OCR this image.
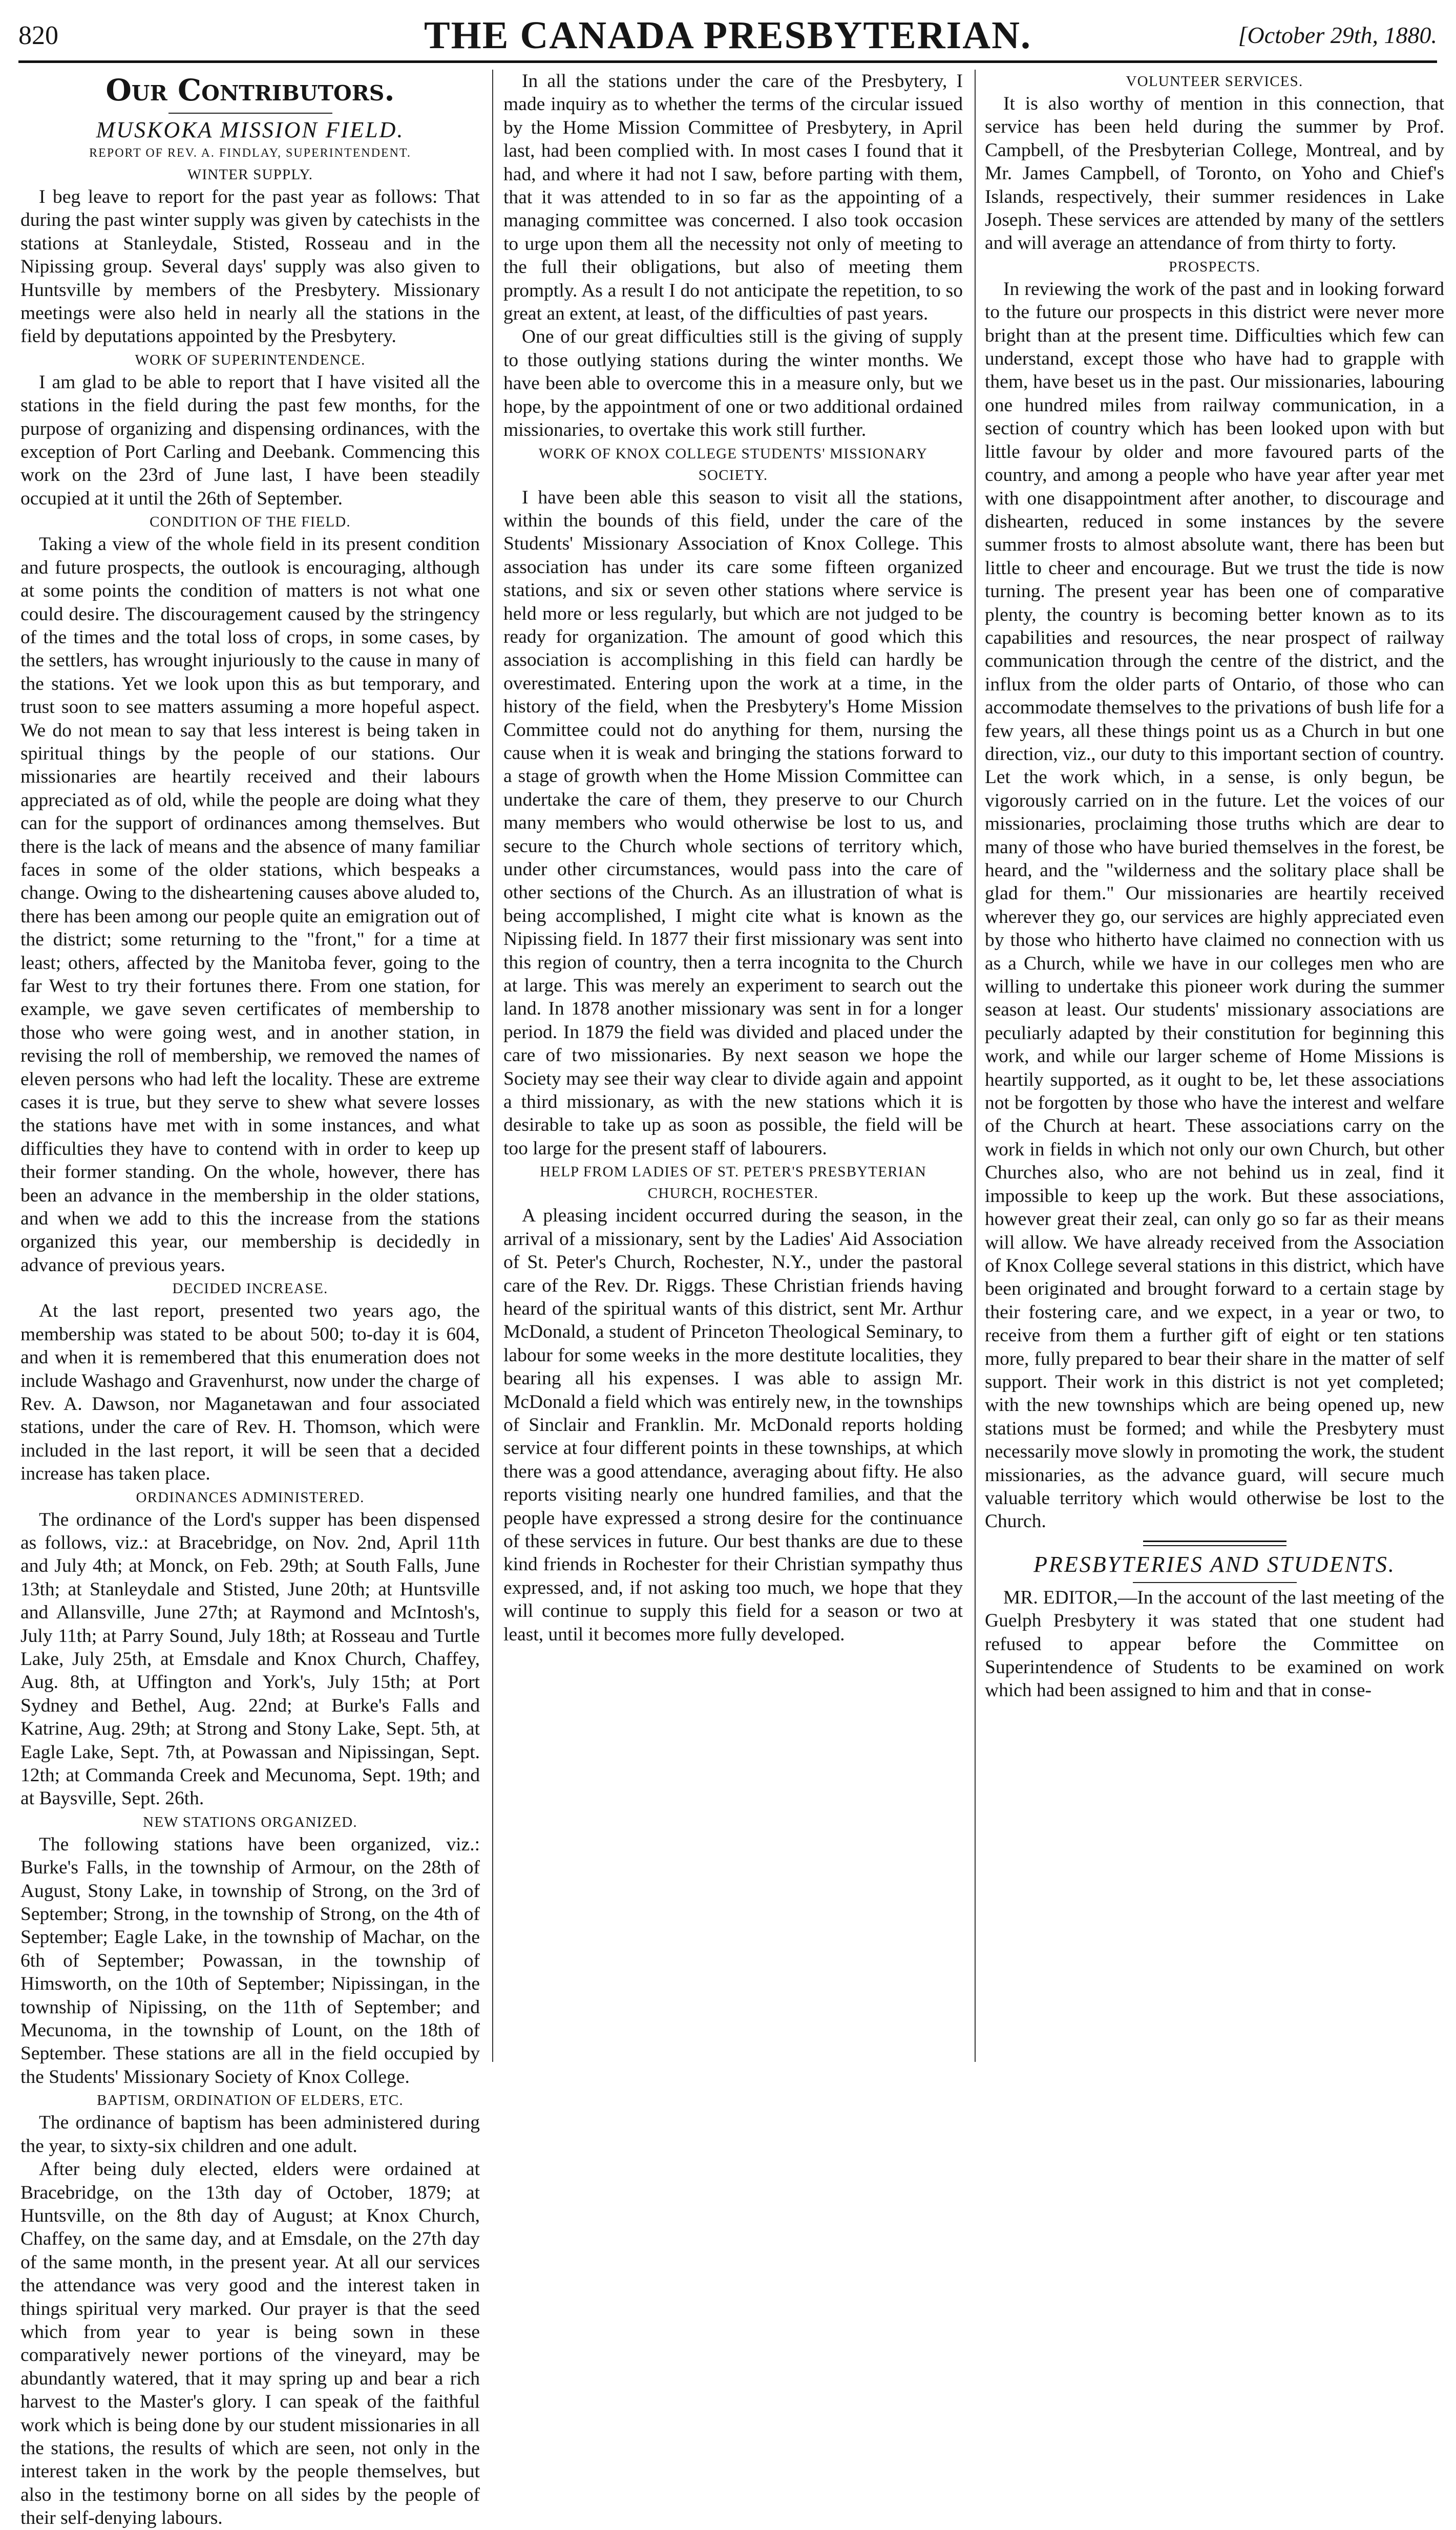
820	THE CANADA PRESBYTERIAN.	[October 29th, 1880.
Our Contributors.
MUSKOKA MISSION FIELD.
REPORT OF REV. A. FINDLAY, SUPERINTENDENT.
WINTER SUPPLY.

I beg leave to report for the past year as follows: That during the past winter supply was given by catechists in the stations at Stanleydale, Stisted, Rosseau and in the Nipissing group. Several days' supply was also given to Huntsville by members of the Presbytery. Missionary meetings were also held in nearly all the stations in the field by deputations appointed by the Presbytery.

WORK OF SUPERINTENDENCE.

I am glad to be able to report that I have visited all the stations in the field during the past few months, for the purpose of organizing and dispensing ordinances, with the exception of Port Carling and Deebank. Commencing this work on the 23rd of June last, I have been steadily occupied at it until the 26th of September.

CONDITION OF THE FIELD.

Taking a view of the whole field in its present condition and future prospects, the outlook is encouraging, although at some points the condition of matters is not what one could desire. The discouragement caused by the stringency of the times and the total loss of crops, in some cases, by the settlers, has wrought injuriously to the cause in many of the stations. Yet we look upon this as but temporary, and trust soon to see matters assuming a more hopeful aspect. We do not mean to say that less interest is being taken in spiritual things by the people of our stations. Our missionaries are heartily received and their labours appreciated as of old, while the people are doing what they can for the support of ordinances among themselves. But there is the lack of means and the absence of many familiar faces in some of the older stations, which bespeaks a change. Owing to the disheartening causes above aluded to, there has been among our people quite an emigration out of the district; some returning to the "front," for a time at least; others, affected by the Manitoba fever, going to the far West to try their fortunes there. From one station, for example, we gave seven certificates of membership to those who were going west, and in another station, in revising the roll of membership, we removed the names of eleven persons who had left the locality. These are extreme cases it is true, but they serve to shew what severe losses the stations have met with in some instances, and what difficulties they have to contend with in order to keep up their former standing. On the whole, however, there has been an advance in the membership in the older stations, and when we add to this the increase from the stations organized this year, our membership is decidedly in advance of previous years.

DECIDED INCREASE.

At the last report, presented two years ago, the membership was stated to be about 500; to-day it is 604, and when it is remembered that this enumeration does not include Washago and Gravenhurst, now under the charge of Rev. A. Dawson, nor Maganetawan and four associated stations, under the care of Rev. H. Thomson, which were included in the last report, it will be seen that a decided increase has taken place.

ORDINANCES ADMINISTERED.

The ordinance of the Lord's supper has been dispensed as follows, viz.: at Bracebridge, on Nov. 2nd, April 11th and July 4th; at Monck, on Feb. 29th; at South Falls, June 13th; at Stanleydale and Stisted, June 20th; at Huntsville and Allansville, June 27th; at Raymond and McIntosh's, July 11th; at Parry Sound, July 18th; at Rosseau and Turtle Lake, July 25th, at Emsdale and Knox Church, Chaffey, Aug. 8th, at Uffington and York's, July 15th; at Port Sydney and Bethel, Aug. 22nd; at Burke's Falls and Katrine, Aug. 29th; at Strong and Stony Lake, Sept. 5th, at Eagle Lake, Sept. 7th, at Powassan and Nipissingan, Sept. 12th; at Commanda Creek and Mecunoma, Sept. 19th; and at Baysville, Sept. 26th.

NEW STATIONS ORGANIZED.

The following stations have been organized, viz.: Burke's Falls, in the township of Armour, on the 28th of August, Stony Lake, in township of Strong, on the 3rd of September; Strong, in the township of Strong, on the 4th of September; Eagle Lake, in the township of Machar, on the 6th of September; Powassan, in the township of Himsworth, on the 10th of September; Nipissingan, in the township of Nipissing, on the 11th of September; and Mecunoma, in the township of Lount, on the 18th of September. These stations are all in the field occupied by the Students' Missionary Society of Knox College.

BAPTISM, ORDINATION OF ELDERS, ETC.

The ordinance of baptism has been administered during the year, to sixty-six children and one adult.

After being duly elected, elders were ordained at Bracebridge, on the 13th day of October, 1879; at Huntsville, on the 8th day of August; at Knox Church, Chaffey, on the same day, and at Emsdale, on the 27th day of the same month, in the present year. At all our services the attendance was very good and the interest taken in things spiritual very marked. Our prayer is that the seed which from year to year is being sown in these comparatively newer portions of the vineyard, may be abundantly watered, that it may spring up and bear a rich harvest to the Master's glory. I can speak of the faithful work which is being done by our student missionaries in all the stations, the results of which are seen, not only in the interest taken in the work by the people themselves, but also in the testimony borne on all sides by the people of their self-denying labours.

In all the stations under the care of the Presbytery, I made inquiry as to whether the terms of the circular issued by the Home Mission Committee of Presbytery, in April last, had been complied with. In most cases I found that it had, and where it had not I saw, before parting with them, that it was attended to in so far as the appointing of a managing committee was concerned. I also took occasion to urge upon them all the necessity not only of meeting to the full their obligations, but also of meeting them promptly. As a result I do not anticipate the repetition, to so great an extent, at least, of the difficulties of past years.

One of our great difficulties still is the giving of supply to those outlying stations during the winter months. We have been able to overcome this in a measure only, but we hope, by the appointment of one or two additional ordained missionaries, to overtake this work still further.

WORK OF KNOX COLLEGE STUDENTS' MISSIONARY SOCIETY.

I have been able this season to visit all the stations, within the bounds of this field, under the care of the Students' Missionary Association of Knox College. This association has under its care some fifteen organized stations, and six or seven other stations where service is held more or less regularly, but which are not judged to be ready for organization. The amount of good which this association is accomplishing in this field can hardly be overestimated. Entering upon the work at a time, in the history of the field, when the Presbytery's Home Mission Committee could not do anything for them, nursing the cause when it is weak and bringing the stations forward to a stage of growth when the Home Mission Committee can undertake the care of them, they preserve to our Church many members who would otherwise be lost to us, and secure to the Church whole sections of territory which, under other circumstances, would pass into the care of other sections of the Church. As an illustration of what is being accomplished, I might cite what is known as the Nipissing field. In 1877 their first missionary was sent into this region of country, then a terra incognita to the Church at large. This was merely an experiment to search out the land. In 1878 another missionary was sent in for a longer period. In 1879 the field was divided and placed under the care of two missionaries. By next season we hope the Society may see their way clear to divide again and appoint a third missionary, as with the new stations which it is desirable to take up as soon as possible, the field will be too large for the present staff of labourers.

HELP FROM LADIES OF ST. PETER'S PRESBYTERIAN CHURCH, ROCHESTER.

A pleasing incident occurred during the season, in the arrival of a missionary, sent by the Ladies' Aid Association of St. Peter's Church, Rochester, N.Y., under the pastoral care of the Rev. Dr. Riggs. These Christian friends having heard of the spiritual wants of this district, sent Mr. Arthur McDonald, a student of Princeton Theological Seminary, to labour for some weeks in the more destitute localities, they bearing all his expenses. I was able to assign Mr. McDonald a field which was entirely new, in the townships of Sinclair and Franklin. Mr. McDonald reports holding service at four different points in these townships, at which there was a good attendance, averaging about fifty. He also reports visiting nearly one hundred families, and that the people have expressed a strong desire for the continuance of these services in future. Our best thanks are due to these kind friends in Rochester for their Christian sympathy thus expressed, and, if not asking too much, we hope that they will continue to supply this field for a season or two at least, until it becomes more fully developed.

VOLUNTEER SERVICES.

It is also worthy of mention in this connection, that service has been held during the summer by Prof. Campbell, of the Presbyterian College, Montreal, and by Mr. James Campbell, of Toronto, on Yoho and Chief's Islands, respectively, their summer residences in Lake Joseph. These services are attended by many of the settlers and will average an attendance of from thirty to forty.

PROSPECTS.

In reviewing the work of the past and in looking forward to the future our prospects in this district were never more bright than at the present time. Difficulties which few can understand, except those who have had to grapple with them, have beset us in the past. Our missionaries, labouring one hundred miles from railway communication, in a section of country which has been looked upon with but little favour by older and more favoured parts of the country, and among a people who have year after year met with one disappointment after another, to discourage and dishearten, reduced in some instances by the severe summer frosts to almost absolute want, there has been but little to cheer and encourage. But we trust the tide is now turning. The present year has been one of comparative plenty, the country is becoming better known as to its capabilities and resources, the near prospect of railway communication through the centre of the district, and the influx from the older parts of Ontario, of those who can accommodate themselves to the privations of bush life for a few years, all these things point us as a Church in but one direction, viz., our duty to this important section of country. Let the work which, in a sense, is only begun, be vigorously carried on in the future. Let the voices of our missionaries, proclaiming those truths which are dear to many of those who have buried themselves in the forest, be heard, and the "wilderness and the solitary place shall be glad for them." Our missionaries are heartily received wherever they go, our services are highly appreciated even by those who hitherto have claimed no connection with us as a Church, while we have in our colleges men who are willing to undertake this pioneer work during the summer season at least. Our students' missionary associations are peculiarly adapted by their constitution for beginning this work, and while our larger scheme of Home Missions is heartily supported, as it ought to be, let these associations not be forgotten by those who have the interest and welfare of the Church at heart. These associations carry on the work in fields in which not only our own Church, but other Churches also, who are not behind us in zeal, find it impossible to keep up the work. But these associations, however great their zeal, can only go so far as their means will allow. We have already received from the Association of Knox College several stations in this district, which have been originated and brought forward to a certain stage by their fostering care, and we expect, in a year or two, to receive from them a further gift of eight or ten stations more, fully prepared to bear their share in the matter of self support. Their work in this district is not yet completed; with the new townships which are being opened up, new stations must be formed; and while the Presbytery must necessarily move slowly in promoting the work, the student missionaries, as the advance guard, will secure much valuable territory which would otherwise be lost to the Church.

PRESBYTERIES AND STUDENTS.

MR. EDITOR,—In the account of the last meeting of the Guelph Presbytery it was stated that one student had refused to appear before the Committee on Superintendence of Students to be examined on work which had been assigned to him and that in conse-
